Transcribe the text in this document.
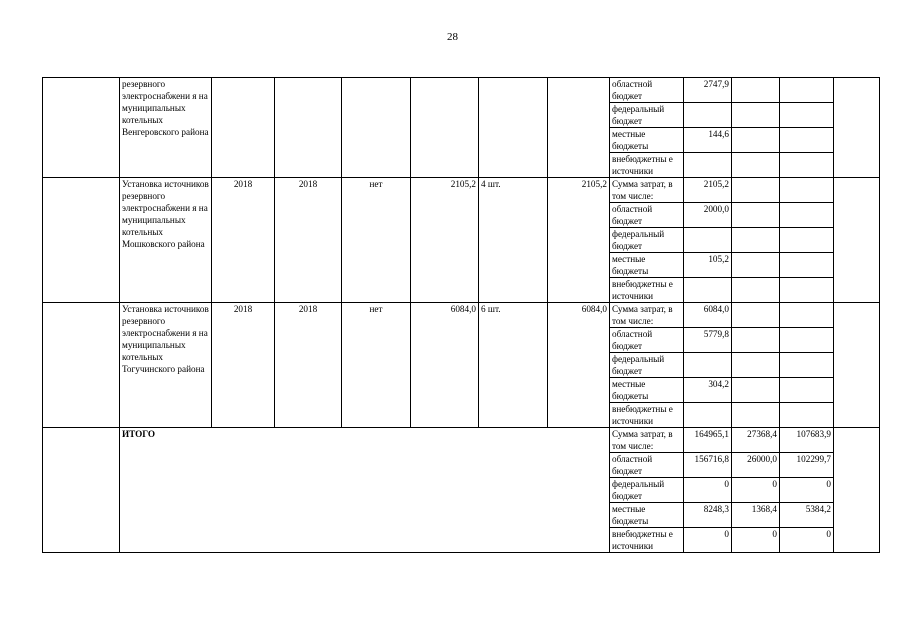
28
	резервного электроснабжени я на муниципальных котельных Венгеровского района							областной бюджет	2747,9			
								федеральный бюджет				
								местные бюджеты	144,6			
								внебюджетны е источники				
	Установка источников резервного электроснабжени я на муниципальных котельных Мошковского района	2018	2018	нет	2105,2	4 шт.	2105,2	Сумма затрат, в том числе:	2105,2			
								областной бюджет	2000,0			
								федеральный бюджет				
								местные бюджеты	105,2			
								внебюджетны е источники				
	Установка источников резервного электроснабжени я на муниципальных котельных Тогучинского района	2018	2018	нет	6084,0	6 шт.	6084,0	Сумма затрат, в том числе:	6084,0			
								областной бюджет	5779,8			
								федеральный бюджет				
								местные бюджеты	304,2			
								внебюджетны е источники				
	ИТОГО							Сумма затрат, в том числе:	164965,1	27368,4	107683,9	
								областной бюджет	156716,8	26000,0	102299,7	
								федеральный бюджет	0	0	0	
								местные бюджеты	8248,3	1368,4	5384,2	
								внебюджетны е источники	0	0	0	
